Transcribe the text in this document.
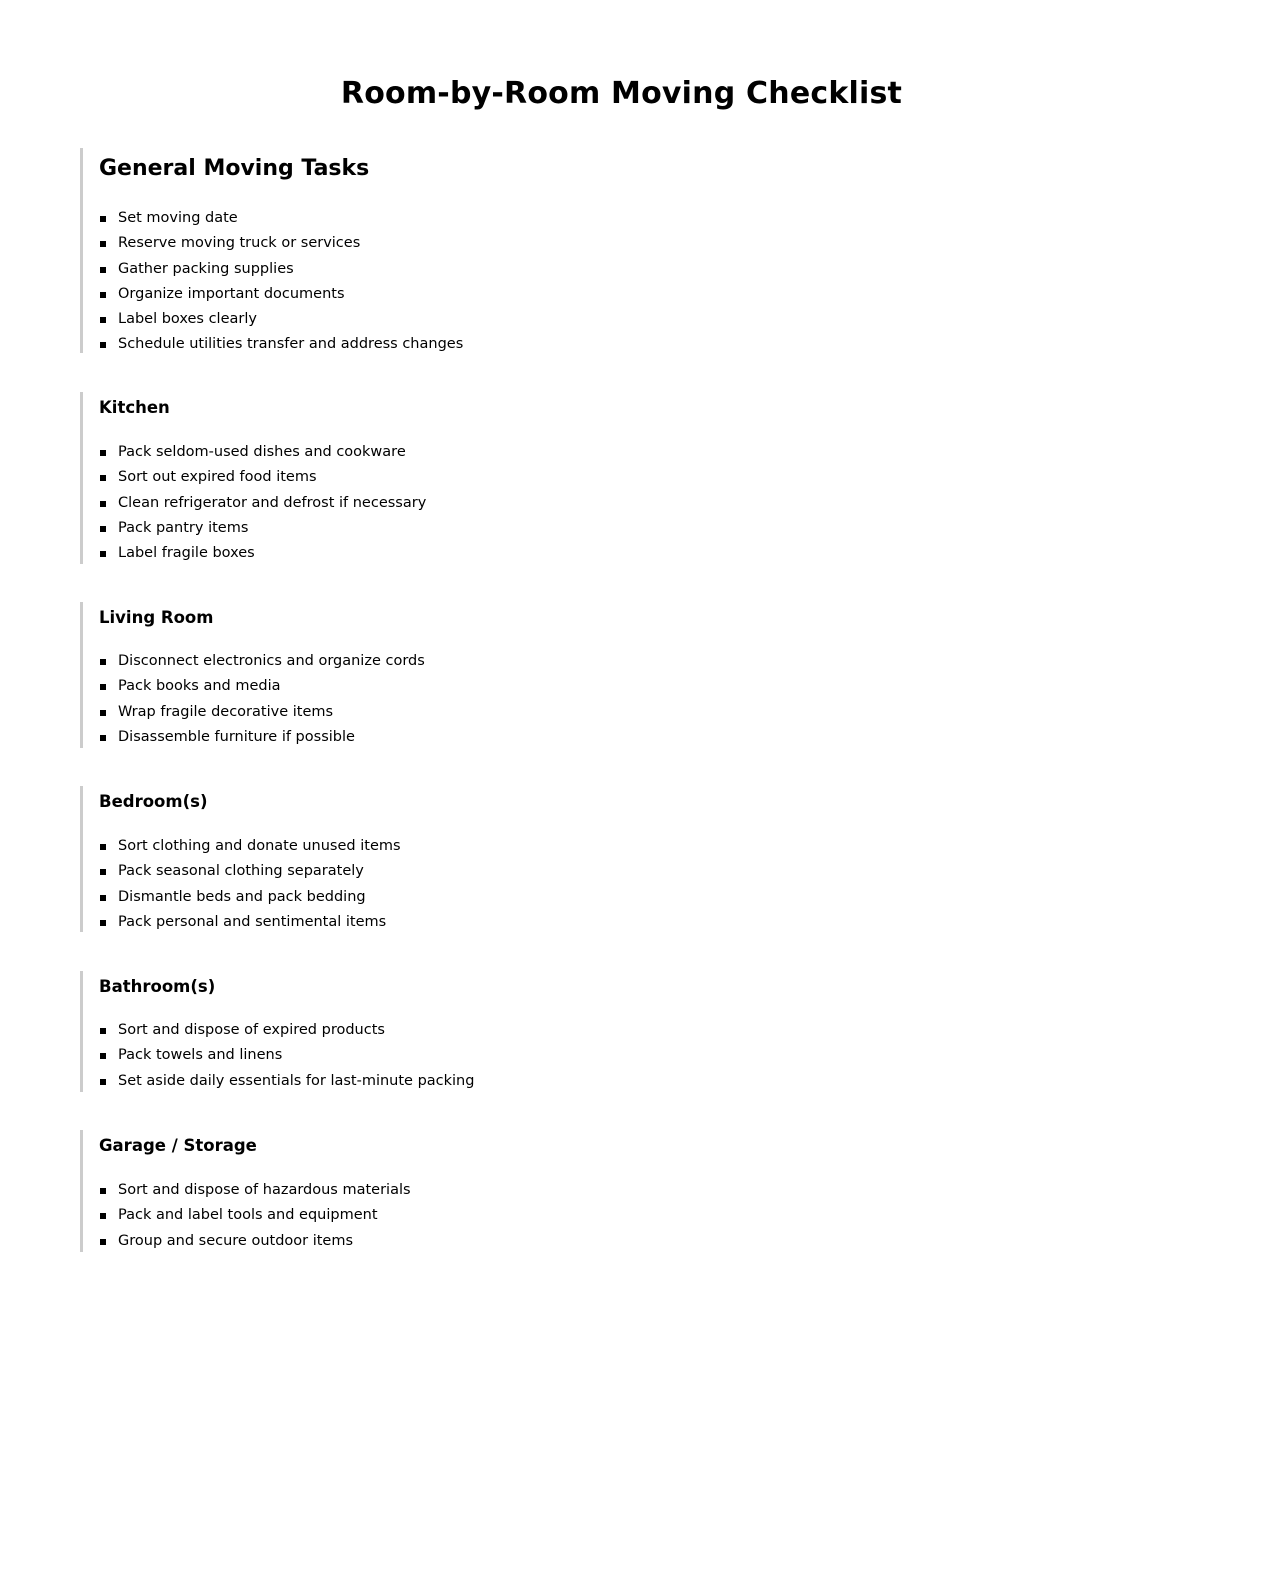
Room-by-Room Moving Checklist
General Moving Tasks
Set moving date
Reserve moving truck or services
Gather packing supplies
Organize important documents
Label boxes clearly
Schedule utilities transfer and address changes
Kitchen
Pack seldom-used dishes and cookware
Sort out expired food items
Clean refrigerator and defrost if necessary
Pack pantry items
Label fragile boxes
Living Room
Disconnect electronics and organize cords
Pack books and media
Wrap fragile decorative items
Disassemble furniture if possible
Bedroom(s)
Sort clothing and donate unused items
Pack seasonal clothing separately
Dismantle beds and pack bedding
Pack personal and sentimental items
Bathroom(s)
Sort and dispose of expired products
Pack towels and linens
Set aside daily essentials for last-minute packing
Garage / Storage
Sort and dispose of hazardous materials
Pack and label tools and equipment
Group and secure outdoor items
